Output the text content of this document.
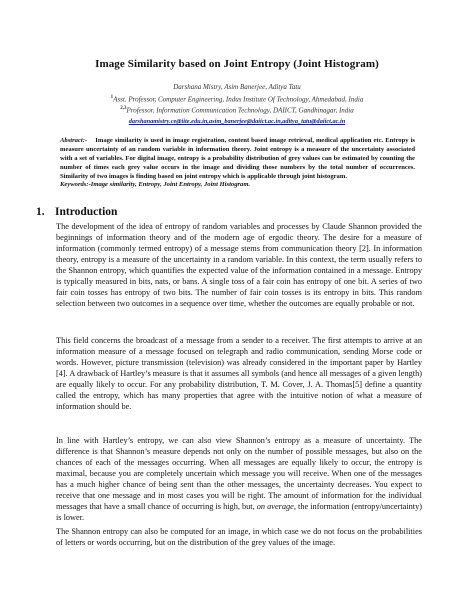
Image Similarity based on Joint Entropy (Joint Histogram)
Darshana Mistry, Asim Banerjee, Aditya Tatu
$^1$Asst. Professor, Computer Engineering, Indus Institute Of Technology, Ahmedabad, India
$^{2,3}$Professor, Information Communication Technology, DAIICT, Gandhinagar, India
darshanamistry.ce@iite.edu.in,asim_banerjee@daiict.ac.in,aditya_tatu@daiict.ac.in
Abstract:- Image similarity is used in image registration, content based image retrieval, medical application etc. Entropy is measure uncertainty of an random variable in information theory. Joint entropy is a measure of the uncertainty associated with a set of variables. For digital image, entropy is a probability distribution of grey values can be estimated by counting the number of times each grey value occurs in the image and dividing those numbers by the total number of occurrences. Similarity of two images is finding based on joint entropy which is applicable through joint histogram.
Keywords:-Image similarity, Entropy, Joint Entropy, Joint Histogram.
1. Introduction
The development of the idea of entropy of random variables and processes by Claude Shannon provided the beginnings of information theory and of the modern age of ergodic theory. The desire for a measure of information (commonly termed entropy) of a message stems from communication theory [2]. In information theory, entropy is a measure of the uncertainty in a random variable. In this context, the term usually refers to the Shannon entropy, which quantifies the expected value of the information contained in a message. Entropy is typically measured in bits, nats, or bans. A single toss of a fair coin has entropy of one bit. A series of two fair coin tosses has entropy of two bits. The number of fair coin tosses is its entropy in bits. This random selection between two outcomes in a sequence over time, whether the outcomes are equally probable or not.
This field concerns the broadcast of a message from a sender to a receiver. The first attempts to arrive at an information measure of a message focused on telegraph and radio communication, sending Morse code or words. However, picture transmission (television) was already considered in the important paper by Hartley [4]. A drawback of Hartley’s measure is that it assumes all symbols (and hence all messages of a given length) are equally likely to occur. For any probability distribution, T. M. Cover, J. A. Thomas[5] define a quantity called the entropy, which has many properties that agree with the intuitive notion of what a measure of information should be.
In line with Hartley’s entropy, we can also view Shannon’s entropy as a measure of uncertainty. The difference is that Shannon’s measure depends not only on the number of possible messages, but also on the chances of each of the messages occurring. When all messages are equally likely to occur, the entropy is maximal, because you are completely uncertain which message you will receive. When one of the messages has a much higher chance of being sent than the other messages, the uncertainty decreases. You expect to receive that one message and in most cases you will be right. The amount of information for the individual messages that have a small chance of occurring is high, but, on average, the information (entropy/uncertainty) is lower.
The Shannon entropy can also be computed for an image, in which case we do not focus on the probabilities of letters or words occurring, but on the distribution of the grey values of the image.
